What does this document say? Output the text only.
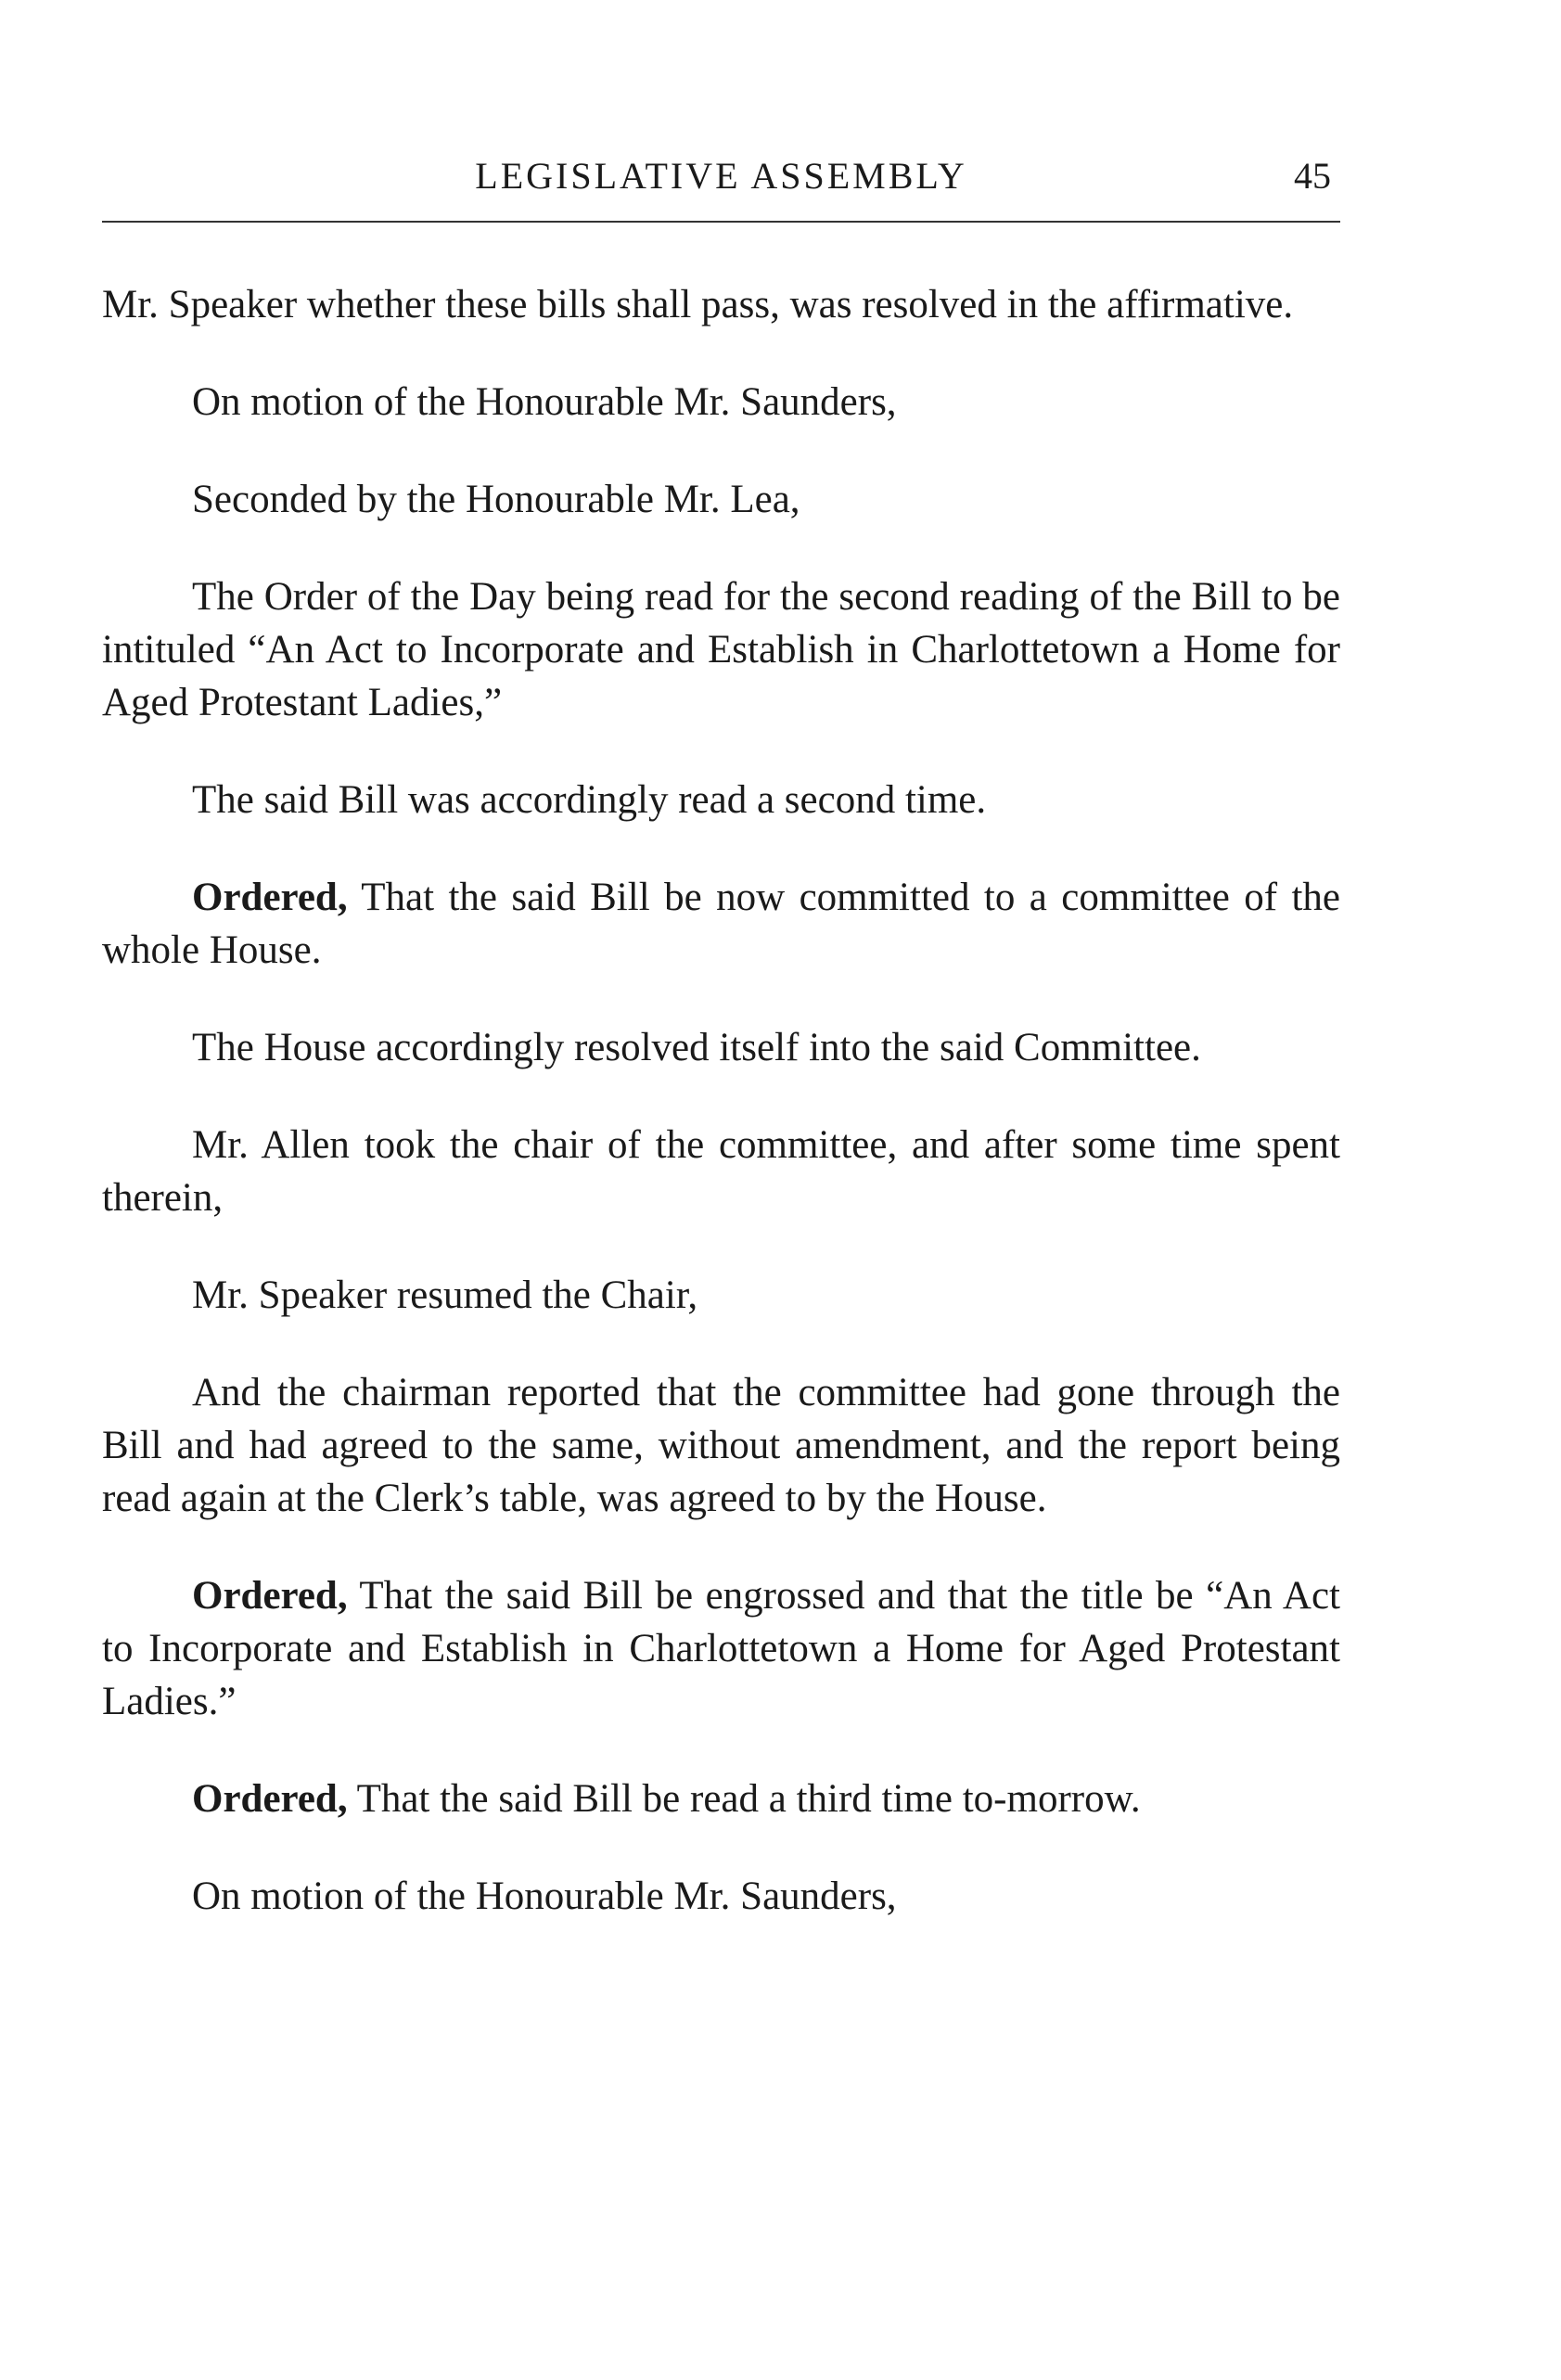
LEGISLATIVE ASSEMBLY	45

Mr. Speaker whether these bills shall pass, was resolved in the affirmative.

On motion of the Honourable Mr. Saunders,

Seconded by the Honourable Mr. Lea,

The Order of the Day being read for the second reading of the Bill to be intituled “An Act to Incorporate and Establish in Charlottetown a Home for Aged Protestant Ladies,”

The said Bill was accordingly read a second time.

Ordered, That the said Bill be now committed to a committee of the whole House.

The House accordingly resolved itself into the said Committee.

Mr. Allen took the chair of the committee, and after some time spent therein,

Mr. Speaker resumed the Chair,

And the chairman reported that the committee had gone through the Bill and had agreed to the same, without amendment, and the report being read again at the Clerk’s table, was agreed to by the House.

Ordered, That the said Bill be engrossed and that the title be “An Act to Incorporate and Establish in Charlottetown a Home for Aged Protestant Ladies.”

Ordered, That the said Bill be read a third time to-morrow.

On motion of the Honourable Mr. Saunders,
